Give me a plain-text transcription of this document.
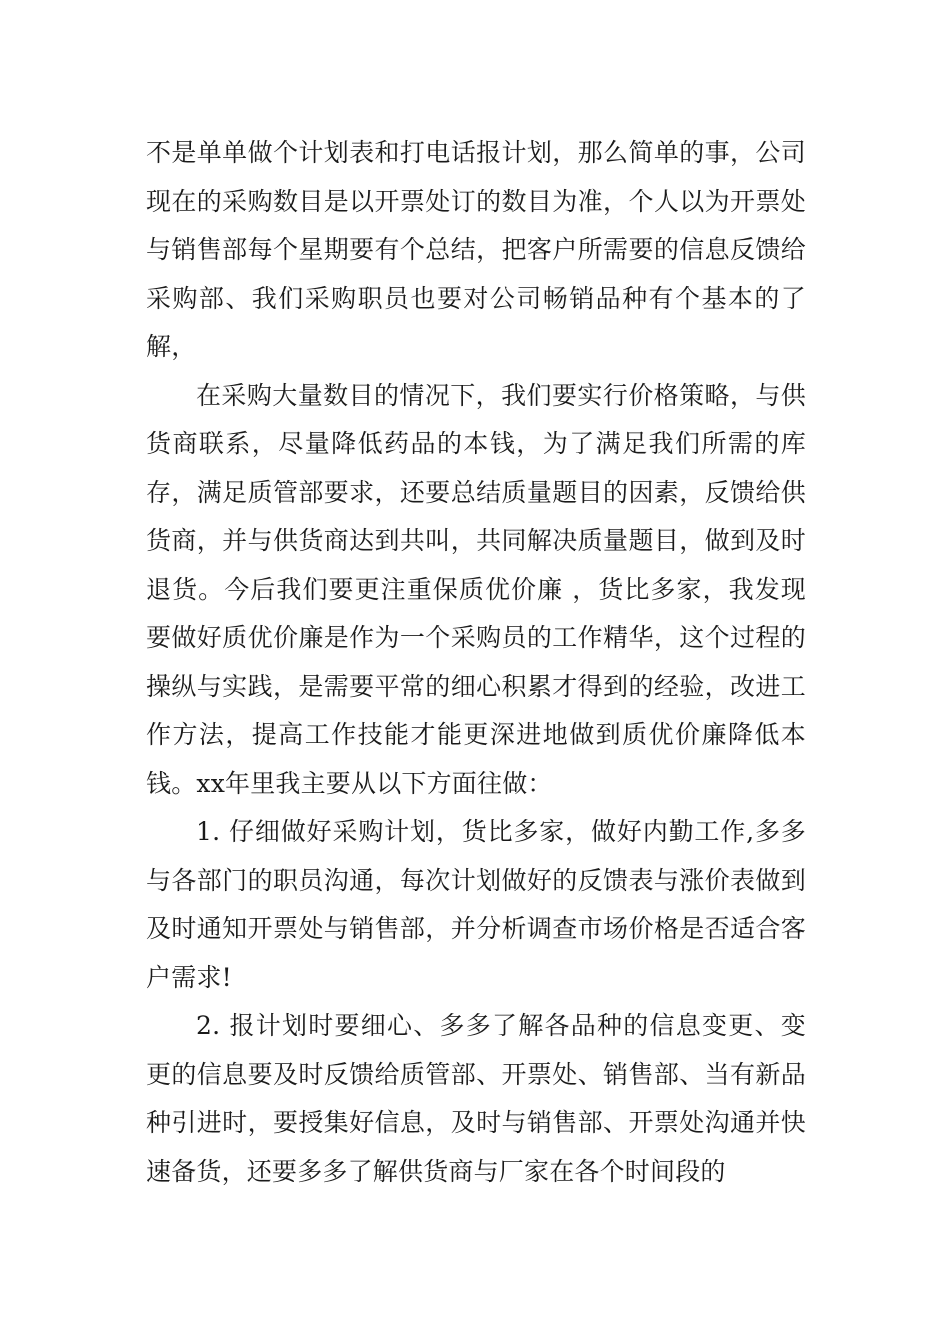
不是单单做个计划表和打电话报计划，那么简单的事，公司现在的采购数目是以开票处订的数目为准，个人以为开票处与销售部每个星期要有个总结，把客户所需要的信息反馈给采购部、我们采购职员也要对公司畅销品种有个基本的了解，

在采购大量数目的情况下，我们要实行价格策略，与供货商联系，尽量降低药品的本钱，为了满足我们所需的库存，满足质管部要求，还要总结质量题目的因素，反馈给供货商，并与供货商达到共叫，共同解决质量题目，做到及时退货。今后我们要更注重保质优价廉 ，货比多家，我发现要做好质优价廉是作为一个采购员的工作精华，这个过程的操纵与实践，是需要平常的细心积累才得到的经验，改进工作方法，提高工作技能才能更深进地做到质优价廉降低本钱。xx年里我主要从以下方面往做：

1. 仔细做好采购计划，货比多家，做好内勤工作,多多与各部门的职员沟通，每次计划做好的反馈表与涨价表做到及时通知开票处与销售部，并分析调查市场价格是否适合客户需求!

2. 报计划时要细心、多多了解各品种的信息变更、变更的信息要及时反馈给质管部、开票处、销售部、当有新品种引进时，要授集好信息，及时与销售部、开票处沟通并快速备货，还要多多了解供货商与厂家在各个时间段的
